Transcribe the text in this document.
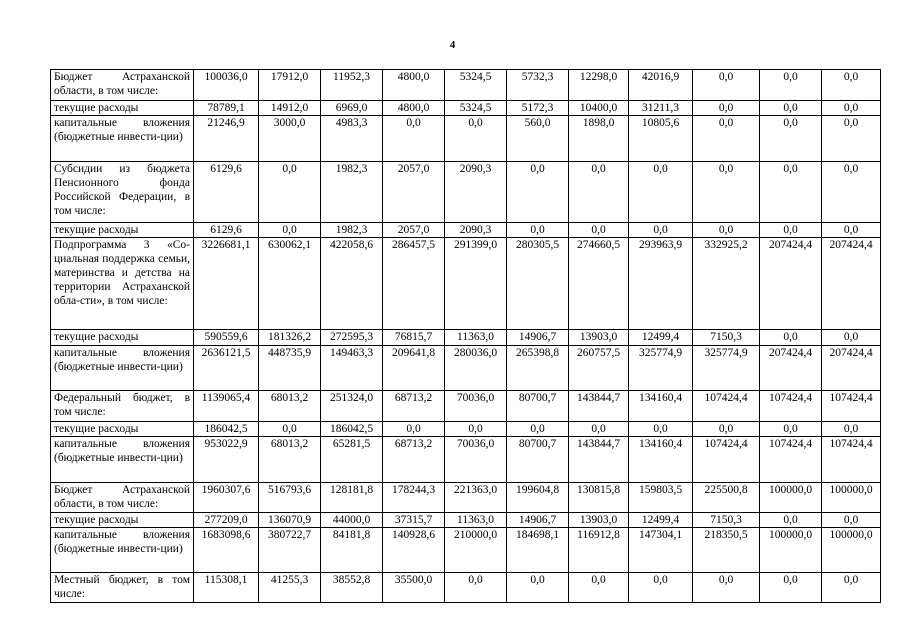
4
Бюджет Астраханской области, в том числе:	100036,0	17912,0	11952,3	4800,0	5324,5	5732,3	12298,0	42016,9	0,0	0,0	0,0
текущие расходы	78789,1	14912,0	6969,0	4800,0	5324,5	5172,3	10400,0	31211,3	0,0	0,0	0,0
капитальные вложения (бюджетные инвести-ции)	21246,9	3000,0	4983,3	0,0	0,0	560,0	1898,0	10805,6	0,0	0,0	0,0
Субсидии из бюджета Пенсионного фонда Российской Федерации, в том числе:	6129,6	0,0	1982,3	2057,0	2090,3	0,0	0,0	0,0	0,0	0,0	0,0
текущие расходы	6129,6	0,0	1982,3	2057,0	2090,3	0,0	0,0	0,0	0,0	0,0	0,0
Подпрограмма 3 «Со-циальная поддержка семьи, материнства и детства на территории Астраханской обла-сти», в том числе:	3226681,1	630062,1	422058,6	286457,5	291399,0	280305,5	274660,5	293963,9	332925,2	207424,4	207424,4
текущие расходы	590559,6	181326,2	272595,3	76815,7	11363,0	14906,7	13903,0	12499,4	7150,3	0,0	0,0
капитальные вложения (бюджетные инвести-ции)	2636121,5	448735,9	149463,3	209641,8	280036,0	265398,8	260757,5	325774,9	325774,9	207424,4	207424,4
Федеральный бюджет, в том числе:	1139065,4	68013,2	251324,0	68713,2	70036,0	80700,7	143844,7	134160,4	107424,4	107424,4	107424,4
текущие расходы	186042,5	0,0	186042,5	0,0	0,0	0,0	0,0	0,0	0,0	0,0	0,0
капитальные вложения (бюджетные инвести-ции)	953022,9	68013,2	65281,5	68713,2	70036,0	80700,7	143844,7	134160,4	107424,4	107424,4	107424,4
Бюджет Астраханской области, в том числе:	1960307,6	516793,6	128181,8	178244,3	221363,0	199604,8	130815,8	159803,5	225500,8	100000,0	100000,0
текущие расходы	277209,0	136070,9	44000,0	37315,7	11363,0	14906,7	13903,0	12499,4	7150,3	0,0	0,0
капитальные вложения (бюджетные инвести-ции)	1683098,6	380722,7	84181,8	140928,6	210000,0	184698,1	116912,8	147304,1	218350,5	100000,0	100000,0
Местный бюджет, в том числе:	115308,1	41255,3	38552,8	35500,0	0,0	0,0	0,0	0,0	0,0	0,0	0,0
